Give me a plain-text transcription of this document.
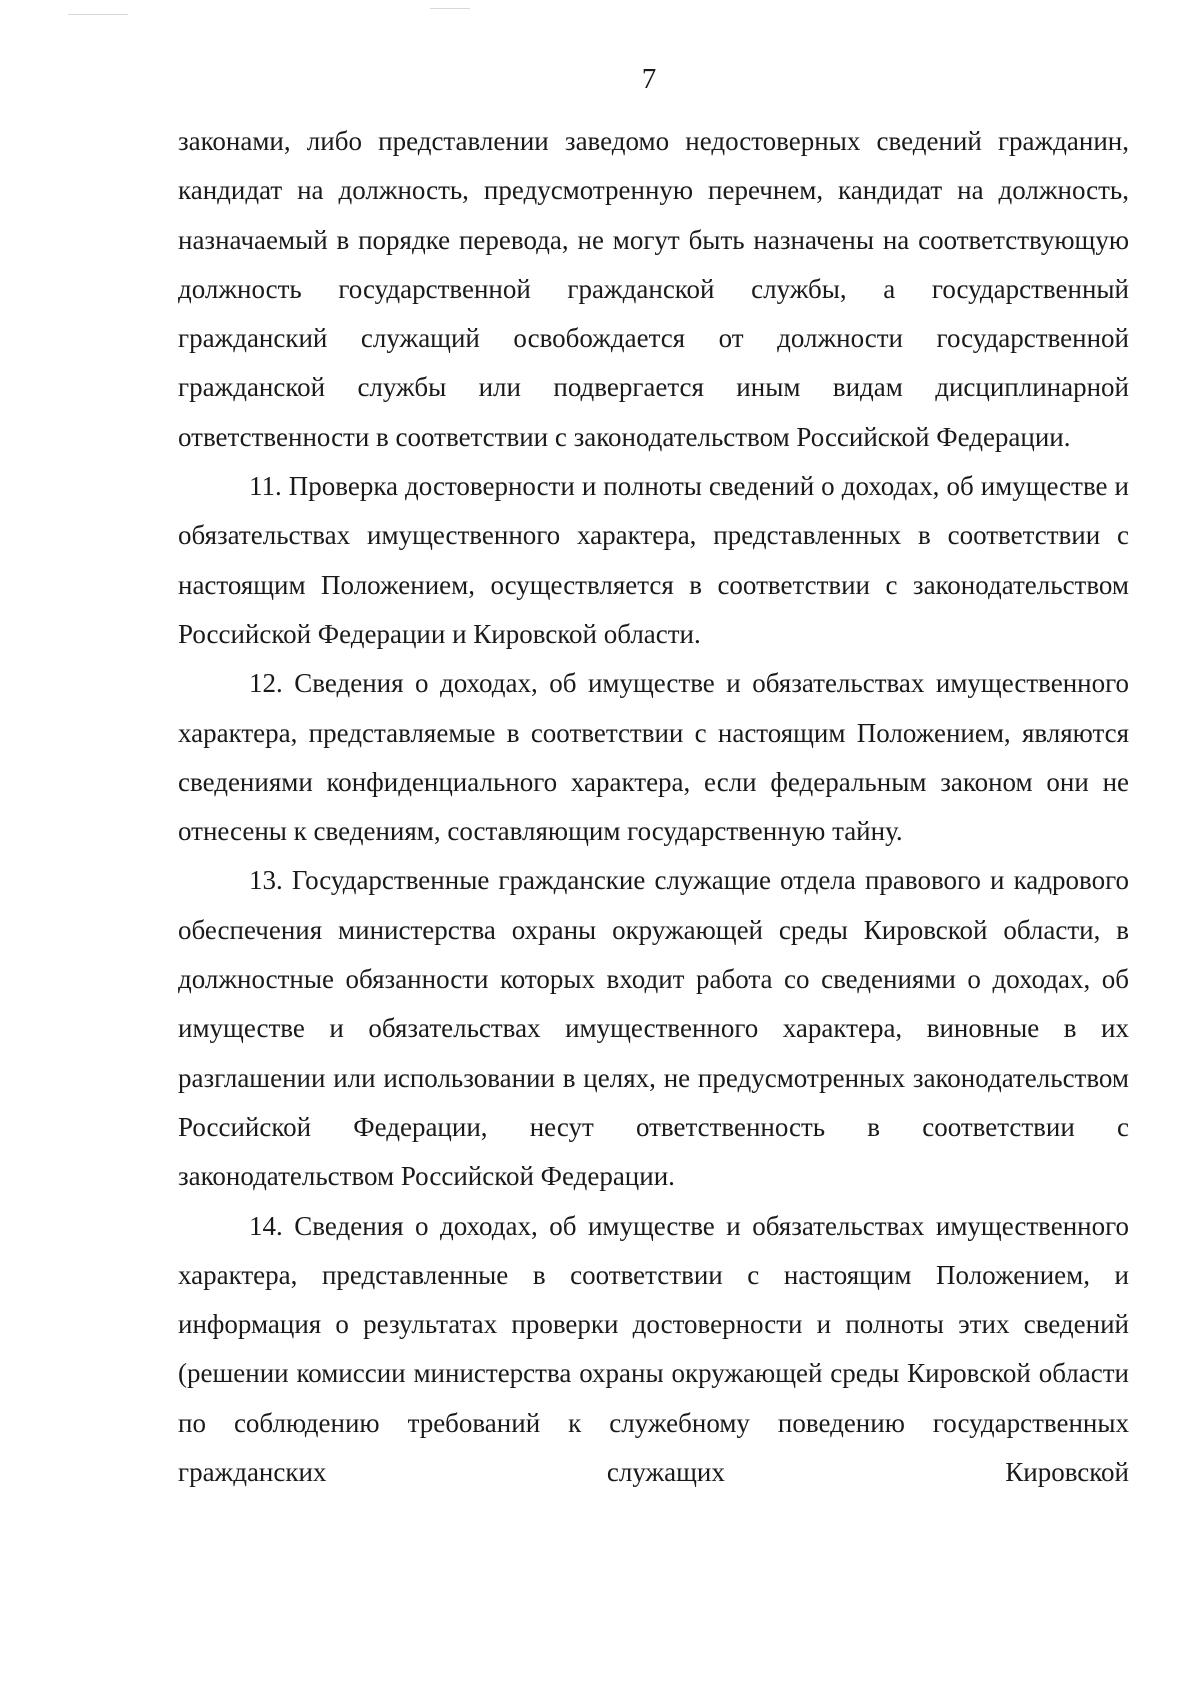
7

законами, либо представлении заведомо недостоверных сведений гражданин, кандидат на должность, предусмотренную перечнем, кандидат на должность, назначаемый в порядке перевода, не могут быть назначены на соответствующую должность государственной гражданской службы, а государственный гражданский служащий освобождается от должности государственной гражданской службы или подвергается иным видам дисциплинарной ответственности в соответствии с законодательством Российской Федерации.

11. Проверка достоверности и полноты сведений о доходах, об имуществе и обязательствах имущественного характера, представленных в соответствии с настоящим Положением, осуществляется в соответствии с законодательством Российской Федерации и Кировской области.

12. Сведения о доходах, об имуществе и обязательствах имущественного характера, представляемые в соответствии с настоящим Положением, являются сведениями конфиденциального характера, если федеральным законом они не отнесены к сведениям, составляющим государственную тайну.

13. Государственные гражданские служащие отдела правового и кадрового обеспечения министерства охраны окружающей среды Кировской области, в должностные обязанности которых входит работа со сведениями о доходах, об имуществе и обязательствах имущественного характера, виновные в их разглашении или использовании в целях, не предусмотренных законодательством Российской Федерации, несут ответственность в соответствии с законодательством Российской Федерации.

14. Сведения о доходах, об имуществе и обязательствах имущественного характера, представленные в соответствии с настоящим Положением, и информация о результатах проверки достоверности и полноты этих сведений (решении комиссии министерства охраны окружающей среды Кировской области по соблюдению требований к служебному поведению государственных гражданских служащих Кировской
